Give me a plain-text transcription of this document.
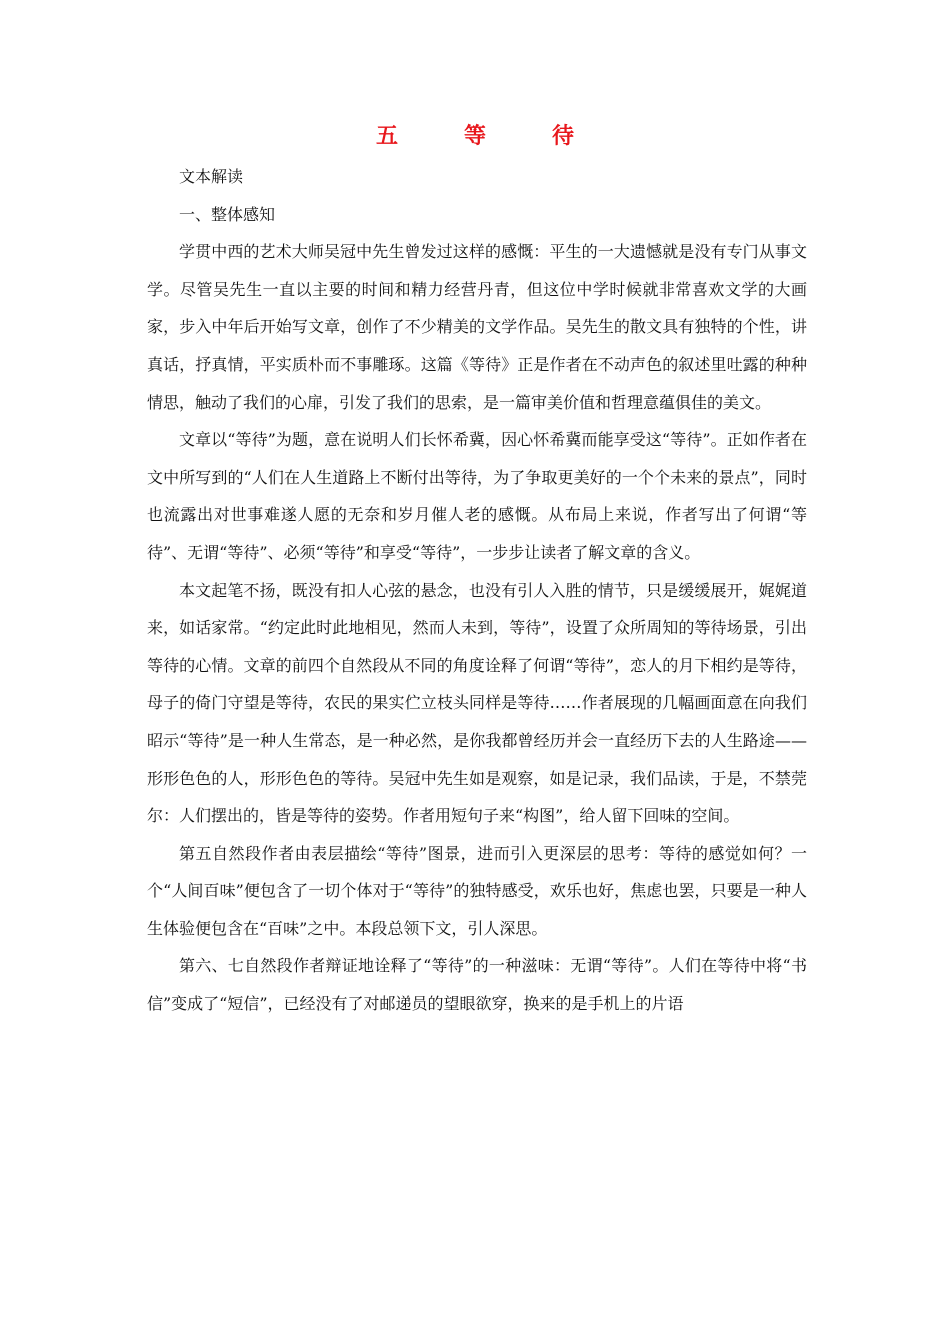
五　等　待

文本解读

一、整体感知

学贯中西的艺术大师吴冠中先生曾发过这样的感慨：平生的一大遗憾就是没有专门从事文学。尽管吴先生一直以主要的时间和精力经营丹青，但这位中学时候就非常喜欢文学的大画家，步入中年后开始写文章，创作了不少精美的文学作品。吴先生的散文具有独特的个性，讲真话，抒真情，平实质朴而不事雕琢。这篇《等待》正是作者在不动声色的叙述里吐露的种种情思，触动了我们的心扉，引发了我们的思索，是一篇审美价值和哲理意蕴俱佳的美文。

文章以“等待”为题，意在说明人们长怀希冀，因心怀希冀而能享受这“等待”。正如作者在文中所写到的“人们在人生道路上不断付出等待，为了争取更美好的一个个未来的景点”，同时也流露出对世事难遂人愿的无奈和岁月催人老的感慨。从布局上来说，作者写出了何谓“等待”、无谓“等待”、必须“等待”和享受“等待”，一步步让读者了解文章的含义。

本文起笔不扬，既没有扣人心弦的悬念，也没有引人入胜的情节，只是缓缓展开，娓娓道来，如话家常。“约定此时此地相见，然而人未到，等待”，设置了众所周知的等待场景，引出等待的心情。文章的前四个自然段从不同的角度诠释了何谓“等待”，恋人的月下相约是等待，母子的倚门守望是等待，农民的果实伫立枝头同样是等待……作者展现的几幅画面意在向我们昭示“等待”是一种人生常态，是一种必然，是你我都曾经历并会一直经历下去的人生路途——形形色色的人，形形色色的等待。吴冠中先生如是观察，如是记录，我们品读，于是，不禁莞尔：人们摆出的，皆是等待的姿势。作者用短句子来“构图”，给人留下回味的空间。

第五自然段作者由表层描绘“等待”图景，进而引入更深层的思考：等待的感觉如何？一个“人间百味”便包含了一切个体对于“等待”的独特感受，欢乐也好，焦虑也罢，只要是一种人生体验便包含在“百味”之中。本段总领下文，引人深思。

第六、七自然段作者辩证地诠释了“等待”的一种滋味：无谓“等待”。人们在等待中将“书信”变成了“短信”，已经没有了对邮递员的望眼欲穿，换来的是手机上的片语
